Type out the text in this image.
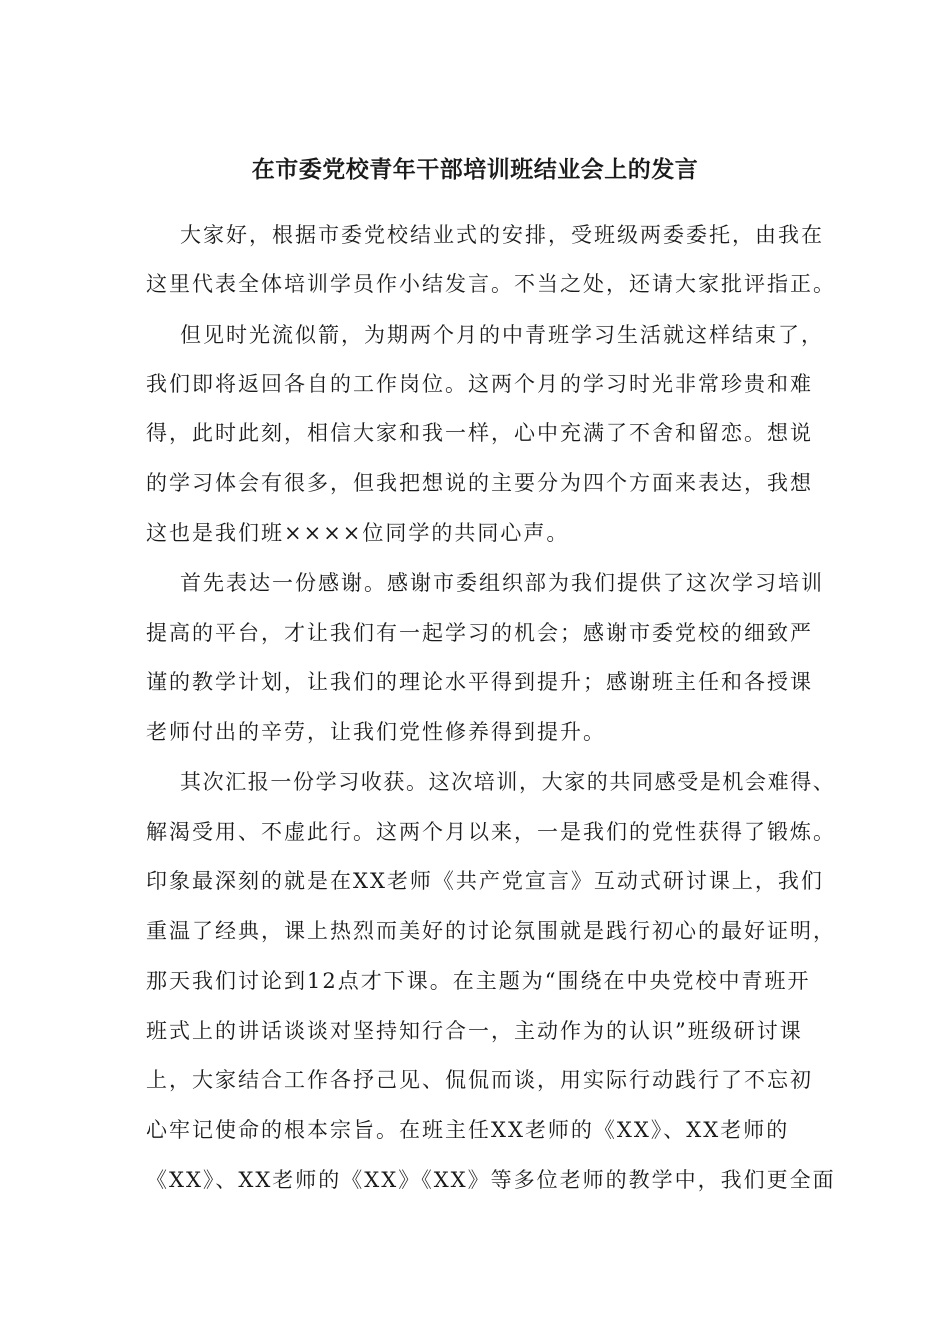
在市委党校青年干部培训班结业会上的发言
大家好，根据市委党校结业式的安排，受班级两委委托，由我在
这里代表全体培训学员作小结发言。不当之处，还请大家批评指正。
但见时光流似箭，为期两个月的中青班学习生活就这样结束了，
我们即将返回各自的工作岗位。这两个月的学习时光非常珍贵和难
得，此时此刻，相信大家和我一样，心中充满了不舍和留恋。想说
的学习体会有很多，但我把想说的主要分为四个方面来表达，我想
这也是我们班××××位同学的共同心声。
首先表达一份感谢。感谢市委组织部为我们提供了这次学习培训
提高的平台，才让我们有一起学习的机会；感谢市委党校的细致严
谨的教学计划，让我们的理论水平得到提升；感谢班主任和各授课
老师付出的辛劳，让我们党性修养得到提升。
其次汇报一份学习收获。这次培训，大家的共同感受是机会难得、
解渴受用、不虚此行。这两个月以来，一是我们的党性获得了锻炼。
印象最深刻的就是在XX老师《共产党宣言》互动式研讨课上，我们
重温了经典，课上热烈而美好的讨论氛围就是践行初心的最好证明，
那天我们讨论到12点才下课。在主题为“围绕在中央党校中青班开
班式上的讲话谈谈对坚持知行合一，主动作为的认识”班级研讨课
上，大家结合工作各抒己见、侃侃而谈，用实际行动践行了不忘初
心牢记使命的根本宗旨。在班主任XX老师的《XX》、XX老师的
《XX》、XX老师的《XX》《XX》等多位老师的教学中，我们更全面
